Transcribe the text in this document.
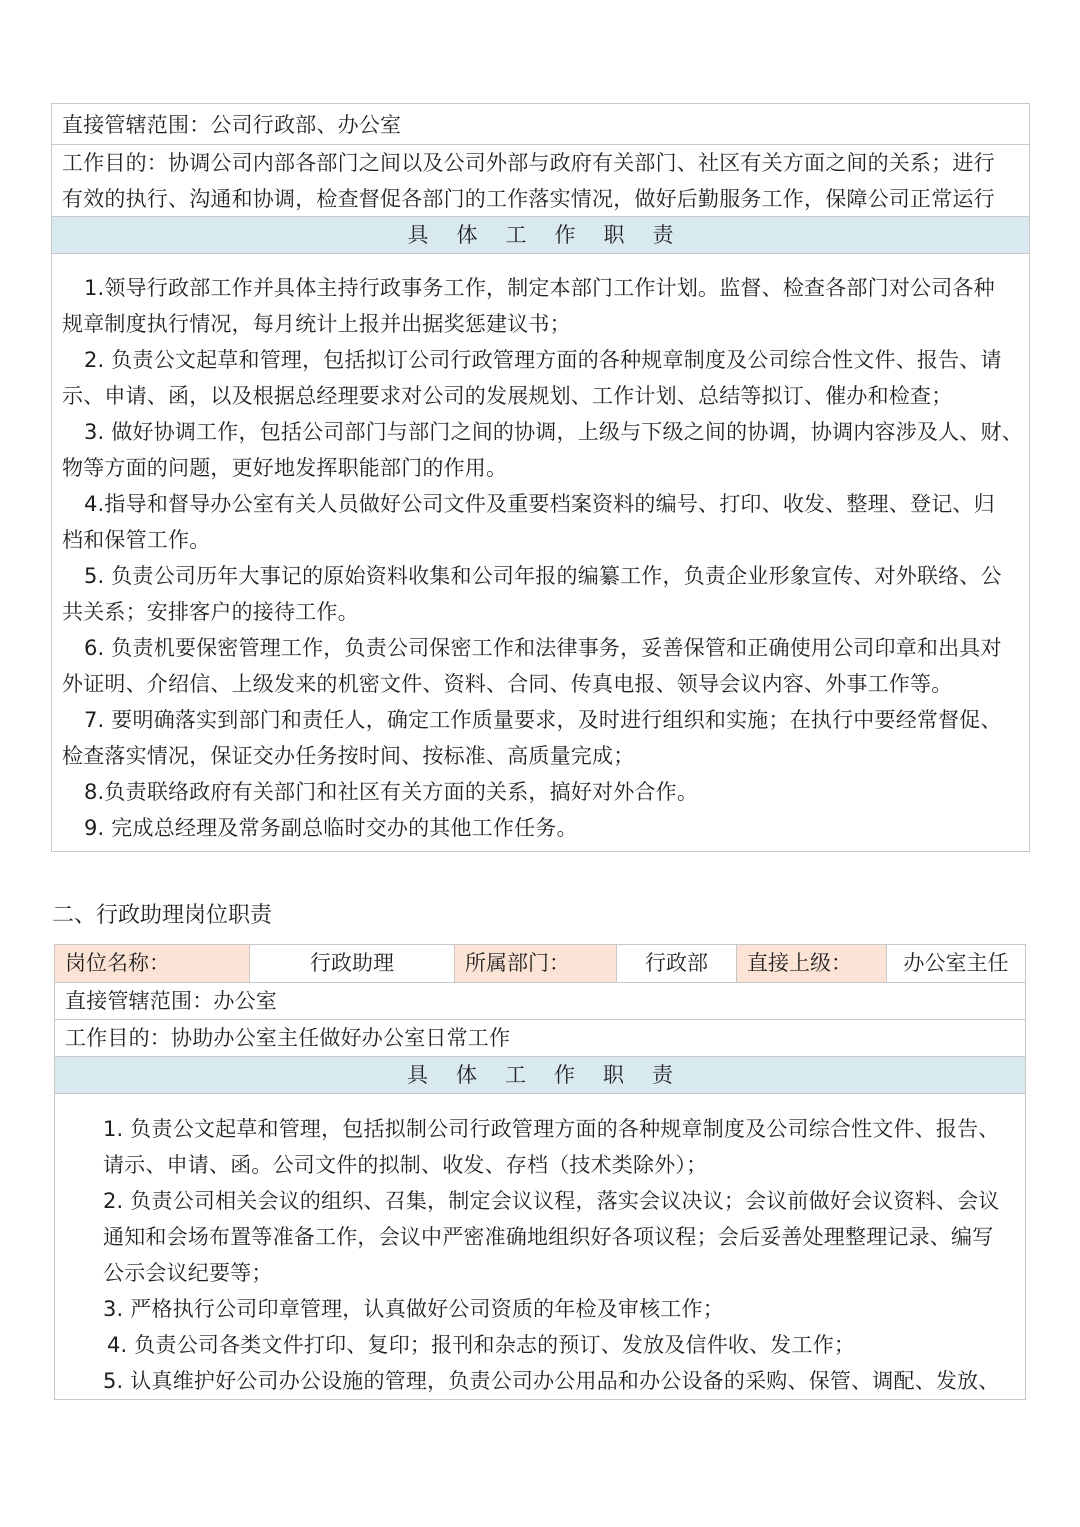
直接管辖范围：公司行政部、办公室
工作目的：协调公司内部各部门之间以及公司外部与政府有关部门、社区有关方面之间的关系；进行
有效的执行、沟通和协调，检查督促各部门的工作落实情况，做好后勤服务工作，保障公司正常运行
具体工作职责
1.领导行政部工作并具体主持行政事务工作，制定本部门工作计划。监督、检查各部门对公司各种
规章制度执行情况，每月统计上报并出据奖惩建议书；
2. 负责公文起草和管理，包括拟订公司行政管理方面的各种规章制度及公司综合性文件、报告、请
示、申请、函，以及根据总经理要求对公司的发展规划、工作计划、总结等拟订、催办和检查；
3. 做好协调工作，包括公司部门与部门之间的协调，上级与下级之间的协调，协调内容涉及人、财、
物等方面的问题，更好地发挥职能部门的作用。
4.指导和督导办公室有关人员做好公司文件及重要档案资料的编号、打印、收发、整理、登记、归
档和保管工作。
5. 负责公司历年大事记的原始资料收集和公司年报的编纂工作，负责企业形象宣传、对外联络、公
共关系；安排客户的接待工作。
6. 负责机要保密管理工作，负责公司保密工作和法律事务，妥善保管和正确使用公司印章和出具对
外证明、介绍信、上级发来的机密文件、资料、合同、传真电报、领导会议内容、外事工作等。
7. 要明确落实到部门和责任人，确定工作质量要求，及时进行组织和实施；在执行中要经常督促、
检查落实情况，保证交办任务按时间、按标准、高质量完成；
8.负责联络政府有关部门和社区有关方面的关系，搞好对外合作。
9. 完成总经理及常务副总临时交办的其他工作任务。
二、行政助理岗位职责
岗位名称：	行政助理	所属部门：	行政部	直接上级：	办公室主任
直接管辖范围：办公室
工作目的：协助办公室主任做好办公室日常工作
具体工作职责
1. 负责公文起草和管理，包括拟制公司行政管理方面的各种规章制度及公司综合性文件、报告、
请示、申请、函。公司文件的拟制、收发、存档（技术类除外）；
2. 负责公司相关会议的组织、召集，制定会议议程，落实会议决议；会议前做好会议资料、会议
通知和会场布置等准备工作，会议中严密准确地组织好各项议程；会后妥善处理整理记录、编写
公示会议纪要等；
3. 严格执行公司印章管理，认真做好公司资质的年检及审核工作；
4. 负责公司各类文件打印、复印；报刊和杂志的预订、发放及信件收、发工作；
5. 认真维护好公司办公设施的管理，负责公司办公用品和办公设备的采购、保管、调配、发放、
